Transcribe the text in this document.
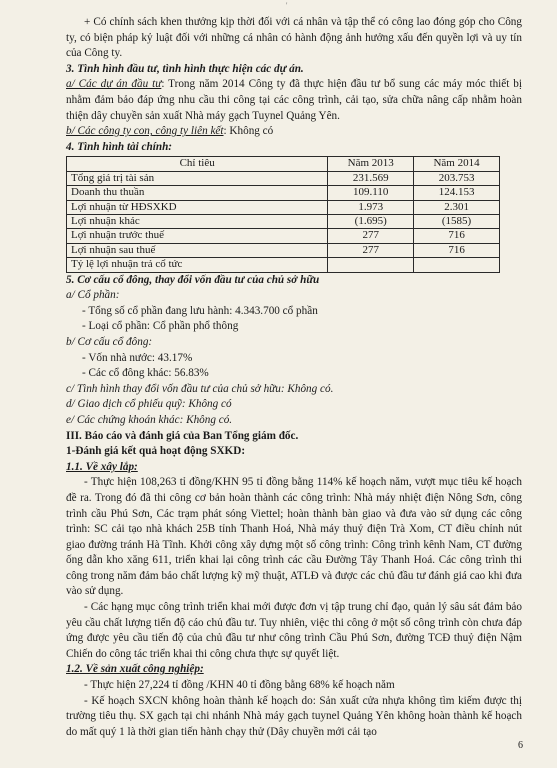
'

+ Có chính sách khen thưởng kịp thời đối với cá nhân và tập thể có công lao đóng góp cho Công ty, có biện pháp kỷ luật đối với những cá nhân có hành động ảnh hưởng xấu đến quyền lợi và uy tín của Công ty.

3. Tình hình đầu tư, tình hình thực hiện các dự án.

a/ Các dự án đầu tư: Trong năm 2014 Công ty đã thực hiện đầu tư bổ sung các máy móc thiết bị nhằm đảm bảo đáp ứng nhu cầu thi công tại các công trình, cải tạo, sửa chữa nâng cấp nhằm hoàn thiện dây chuyền sản xuất Nhà máy gạch Tuynel Quảng Yên.

b/ Các công ty con, công ty liên kết: Không có

4. Tình hình tài chính:

Chỉ tiêu	Năm 2013	Năm 2014
Tổng giá trị tài sản	231.569	203.753
Doanh thu thuần	109.110	124.153
Lợi nhuận từ HĐSXKD	1.973	2.301
Lợi nhuận khác	(1.695)	(1585)
Lợi nhuận trước thuế	277	716
Lợi nhuận sau thuế	277	716
Tỷ lệ lợi nhuận trả cổ tức		

5. Cơ cấu cổ đông, thay đổi vốn đầu tư của chủ sở hữu

a/ Cổ phần:

- Tổng số cổ phần đang lưu hành: 4.343.700 cổ phần

- Loại cổ phần: Cổ phần phổ thông

b/ Cơ cấu cổ đông:

- Vốn nhà nước: 43.17%

- Các cổ đông khác: 56.83%

c/ Tình hình thay đổi vốn đầu tư của chủ sở hữu: Không có.

d/ Giao dịch cổ phiếu quỹ: Không có

e/ Các chứng khoán khác: Không có.

III. Báo cáo và đánh giá của Ban Tổng giám đốc.

1-Đánh giá kết quả hoạt động SXKD:

1.1. Về xây lắp:

- Thực hiện 108,263 tỉ đồng/KHN 95 tỉ đồng bằng 114% kế hoạch năm, vượt mục tiêu kế hoạch đề ra. Trong đó đã thi công cơ bản hoàn thành các công trình: Nhà máy nhiệt điện Nông Sơn, công trình cầu Phú Sơn, Các trạm phát sóng Viettel; hoàn thành bàn giao và đưa vào sử dụng các công trình: SC cải tạo nhà khách 25B tỉnh Thanh Hoá, Nhà máy thuỷ điện Trà Xom, CT điều chỉnh nút giao đường tránh Hà Tĩnh. Khởi công xây dựng một số công trình: Công trình kênh Nam, CT đường ống dẫn kho xăng 611, triển khai lại công trình các cầu Đường Tây Thanh Hoá. Các công trình thi công trong năm đảm bảo chất lượng kỹ mỹ thuật, ATLĐ và được các chủ đầu tư đánh giá cao khi đưa vào sử dụng.

- Các hạng mục công trình triển khai mới được đơn vị tập trung chỉ đạo, quản lý sâu sát đảm bảo yêu cầu chất lượng tiến độ cáo chủ đầu tư. Tuy nhiên, việc thi công ở một số công trình còn chưa đáp ứng được yêu cầu tiến độ của chủ đầu tư như công trình Cầu Phú Sơn, đường TCĐ thuỷ điện Nậm Chiến do công tác triển khai thi công chưa thực sự quyết liệt.

1.2. Về sản xuất công nghiệp:

- Thực hiện 27,224 tỉ đồng /KHN 40 tỉ đồng bằng 68% kế hoạch năm

- Kế hoạch SXCN không hoàn thành kế hoạch do: Sản xuất cửa nhựa không tìm kiếm được thị trường tiêu thụ. SX gạch tại chi nhánh Nhà máy gạch tuynel Quảng Yên không hoàn thành kế hoạch do mất quý 1 là thời gian tiến hành chạy thử (Dây chuyền mới cải tạo

6
